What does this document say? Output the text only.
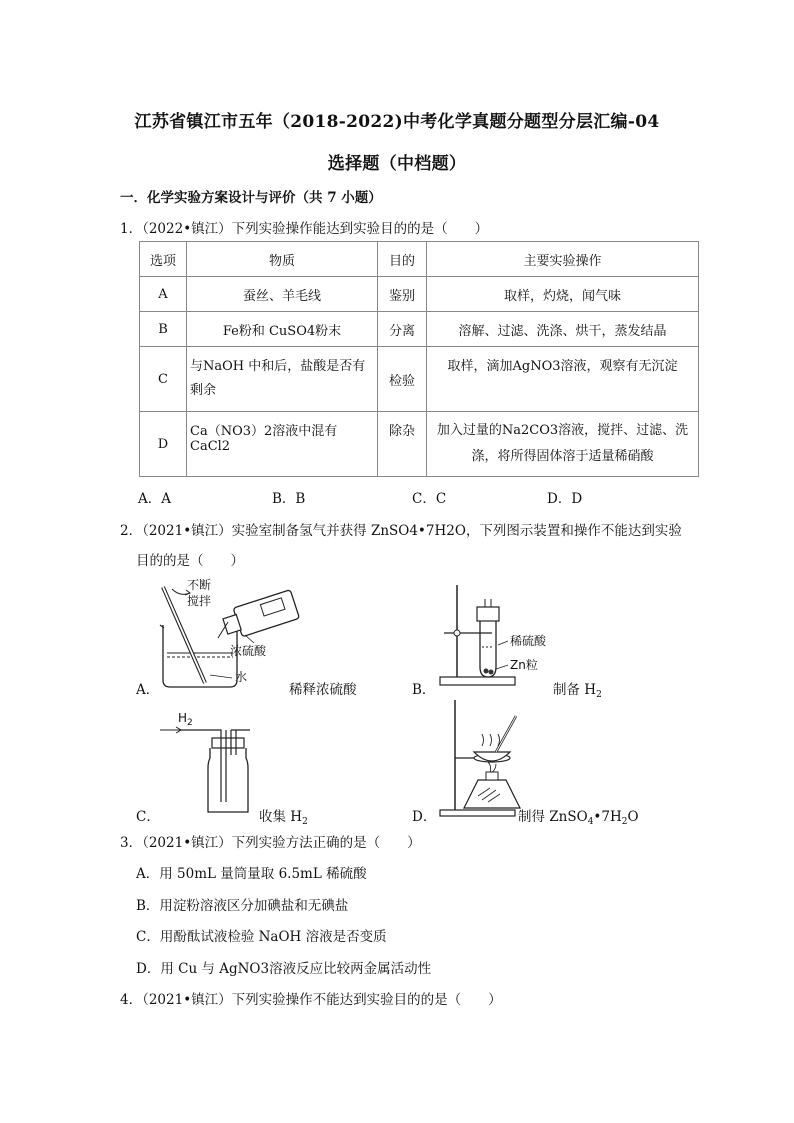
江苏省镇江市五年（2018-2022)中考化学真题分题型分层汇编-04
选择题（中档题）
一．化学实验方案设计与评价（共 7 小题）
1．（2022•镇江）下列实验操作能达到实验目的的是（　　）
选项	物质	目的	主要实验操作
A	蚕丝、羊毛线	鉴别	取样，灼烧，闻气味
B	Fe粉和 CuSO4粉末	分离	溶解、过滤、洗涤、烘干，蒸发结晶
C	与NaOH 中和后，盐酸是否有剩余	检验	取样，滴加AgNO3溶液，观察有无沉淀
D	Ca（NO3）2溶液中混有 CaCl2	除杂	加入过量的Na2CO3溶液，搅拌、过滤、洗涤，将所得固体溶于适量稀硝酸
A．A	B．B	C．C	D．D
2．（2021•镇江）实验室制备氢气并获得 ZnSO4•7H2O，下列图示装置和操作不能达到实验
目的的是（　　）
A．
不断
搅拌
浓硫酸
水
稀释浓硫酸	B．
稀硫酸
Zn粒
制备 $H_2$
C．
$H_2$
收集 $H_2$	D．	制得 $ZnSO_4•7H_2O$
3．（2021•镇江）下列实验方法正确的是（　　）
A．用 50mL 量筒量取 6.5mL 稀硫酸
B．用淀粉溶液区分加碘盐和无碘盐
C．用酚酞试液检验 NaOH 溶液是否变质
D．用 Cu 与 AgNO3溶液反应比较两金属活动性
4．（2021•镇江）下列实验操作不能达到实验目的的是（　　）
